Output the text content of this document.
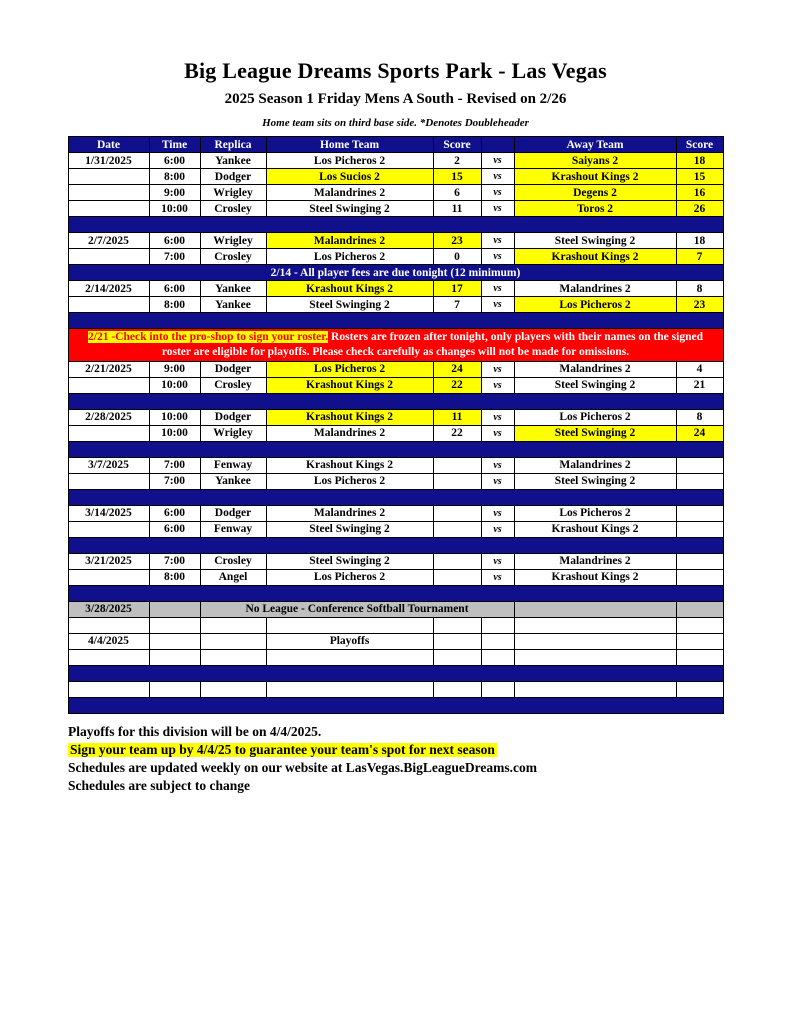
Big League Dreams Sports Park - Las Vegas
2025 Season 1 Friday Mens A South - Revised on 2/26
Home team sits on third base side. *Denotes Doubleheader
Date	Time	Replica	Home Team	Score		Away Team	Score
1/31/2025	6:00	Yankee	Los Picheros 2	2	vs	Saiyans 2	18
	8:00	Dodger	Los Sucios 2	15	vs	Krashout Kings 2	15
	9:00	Wrigley	Malandrines 2	6	vs	Degens 2	16
	10:00	Crosley	Steel Swinging 2	11	vs	Toros 2	26

2/7/2025	6:00	Wrigley	Malandrines 2	23	vs	Steel Swinging 2	18
	7:00	Crosley	Los Picheros 2	0	vs	Krashout Kings 2	7
2/14 - All player fees are due tonight (12 minimum)							
2/14/2025	6:00	Yankee	Krashout Kings 2	17	vs	Malandrines 2	8
	8:00	Yankee	Steel Swinging 2	7	vs	Los Picheros 2	23

2/21 -Check into the pro-shop to sign your roster. Rosters are frozen after tonight, only players with their names on the signed roster are eligible for playoffs. Please check carefully as changes will not be made for omissions.							
2/21/2025	9:00	Dodger	Los Picheros 2	24	vs	Malandrines 2	4
	10:00	Crosley	Krashout Kings 2	22	vs	Steel Swinging 2	21

2/28/2025	10:00	Dodger	Krashout Kings 2	11	vs	Los Picheros 2	8
	10:00	Wrigley	Malandrines 2	22	vs	Steel Swinging 2	24

3/7/2025	7:00	Fenway	Krashout Kings 2		vs	Malandrines 2	
	7:00	Yankee	Los Picheros 2		vs	Steel Swinging 2	

3/14/2025	6:00	Dodger	Malandrines 2		vs	Los Picheros 2	
	6:00	Fenway	Steel Swinging 2		vs	Krashout Kings 2	

3/21/2025	7:00	Crosley	Steel Swinging 2		vs	Malandrines 2	
	8:00	Angel	Los Picheros 2		vs	Krashout Kings 2	

3/28/2025		No League - Conference Softball Tournament					

4/4/2025			Playoffs				

Playoffs for this division will be on 4/4/2025.
Sign your team up by 4/4/25 to guarantee your team's spot for next season
Schedules are updated weekly on our website at LasVegas.BigLeagueDreams.com
Schedules are subject to change
